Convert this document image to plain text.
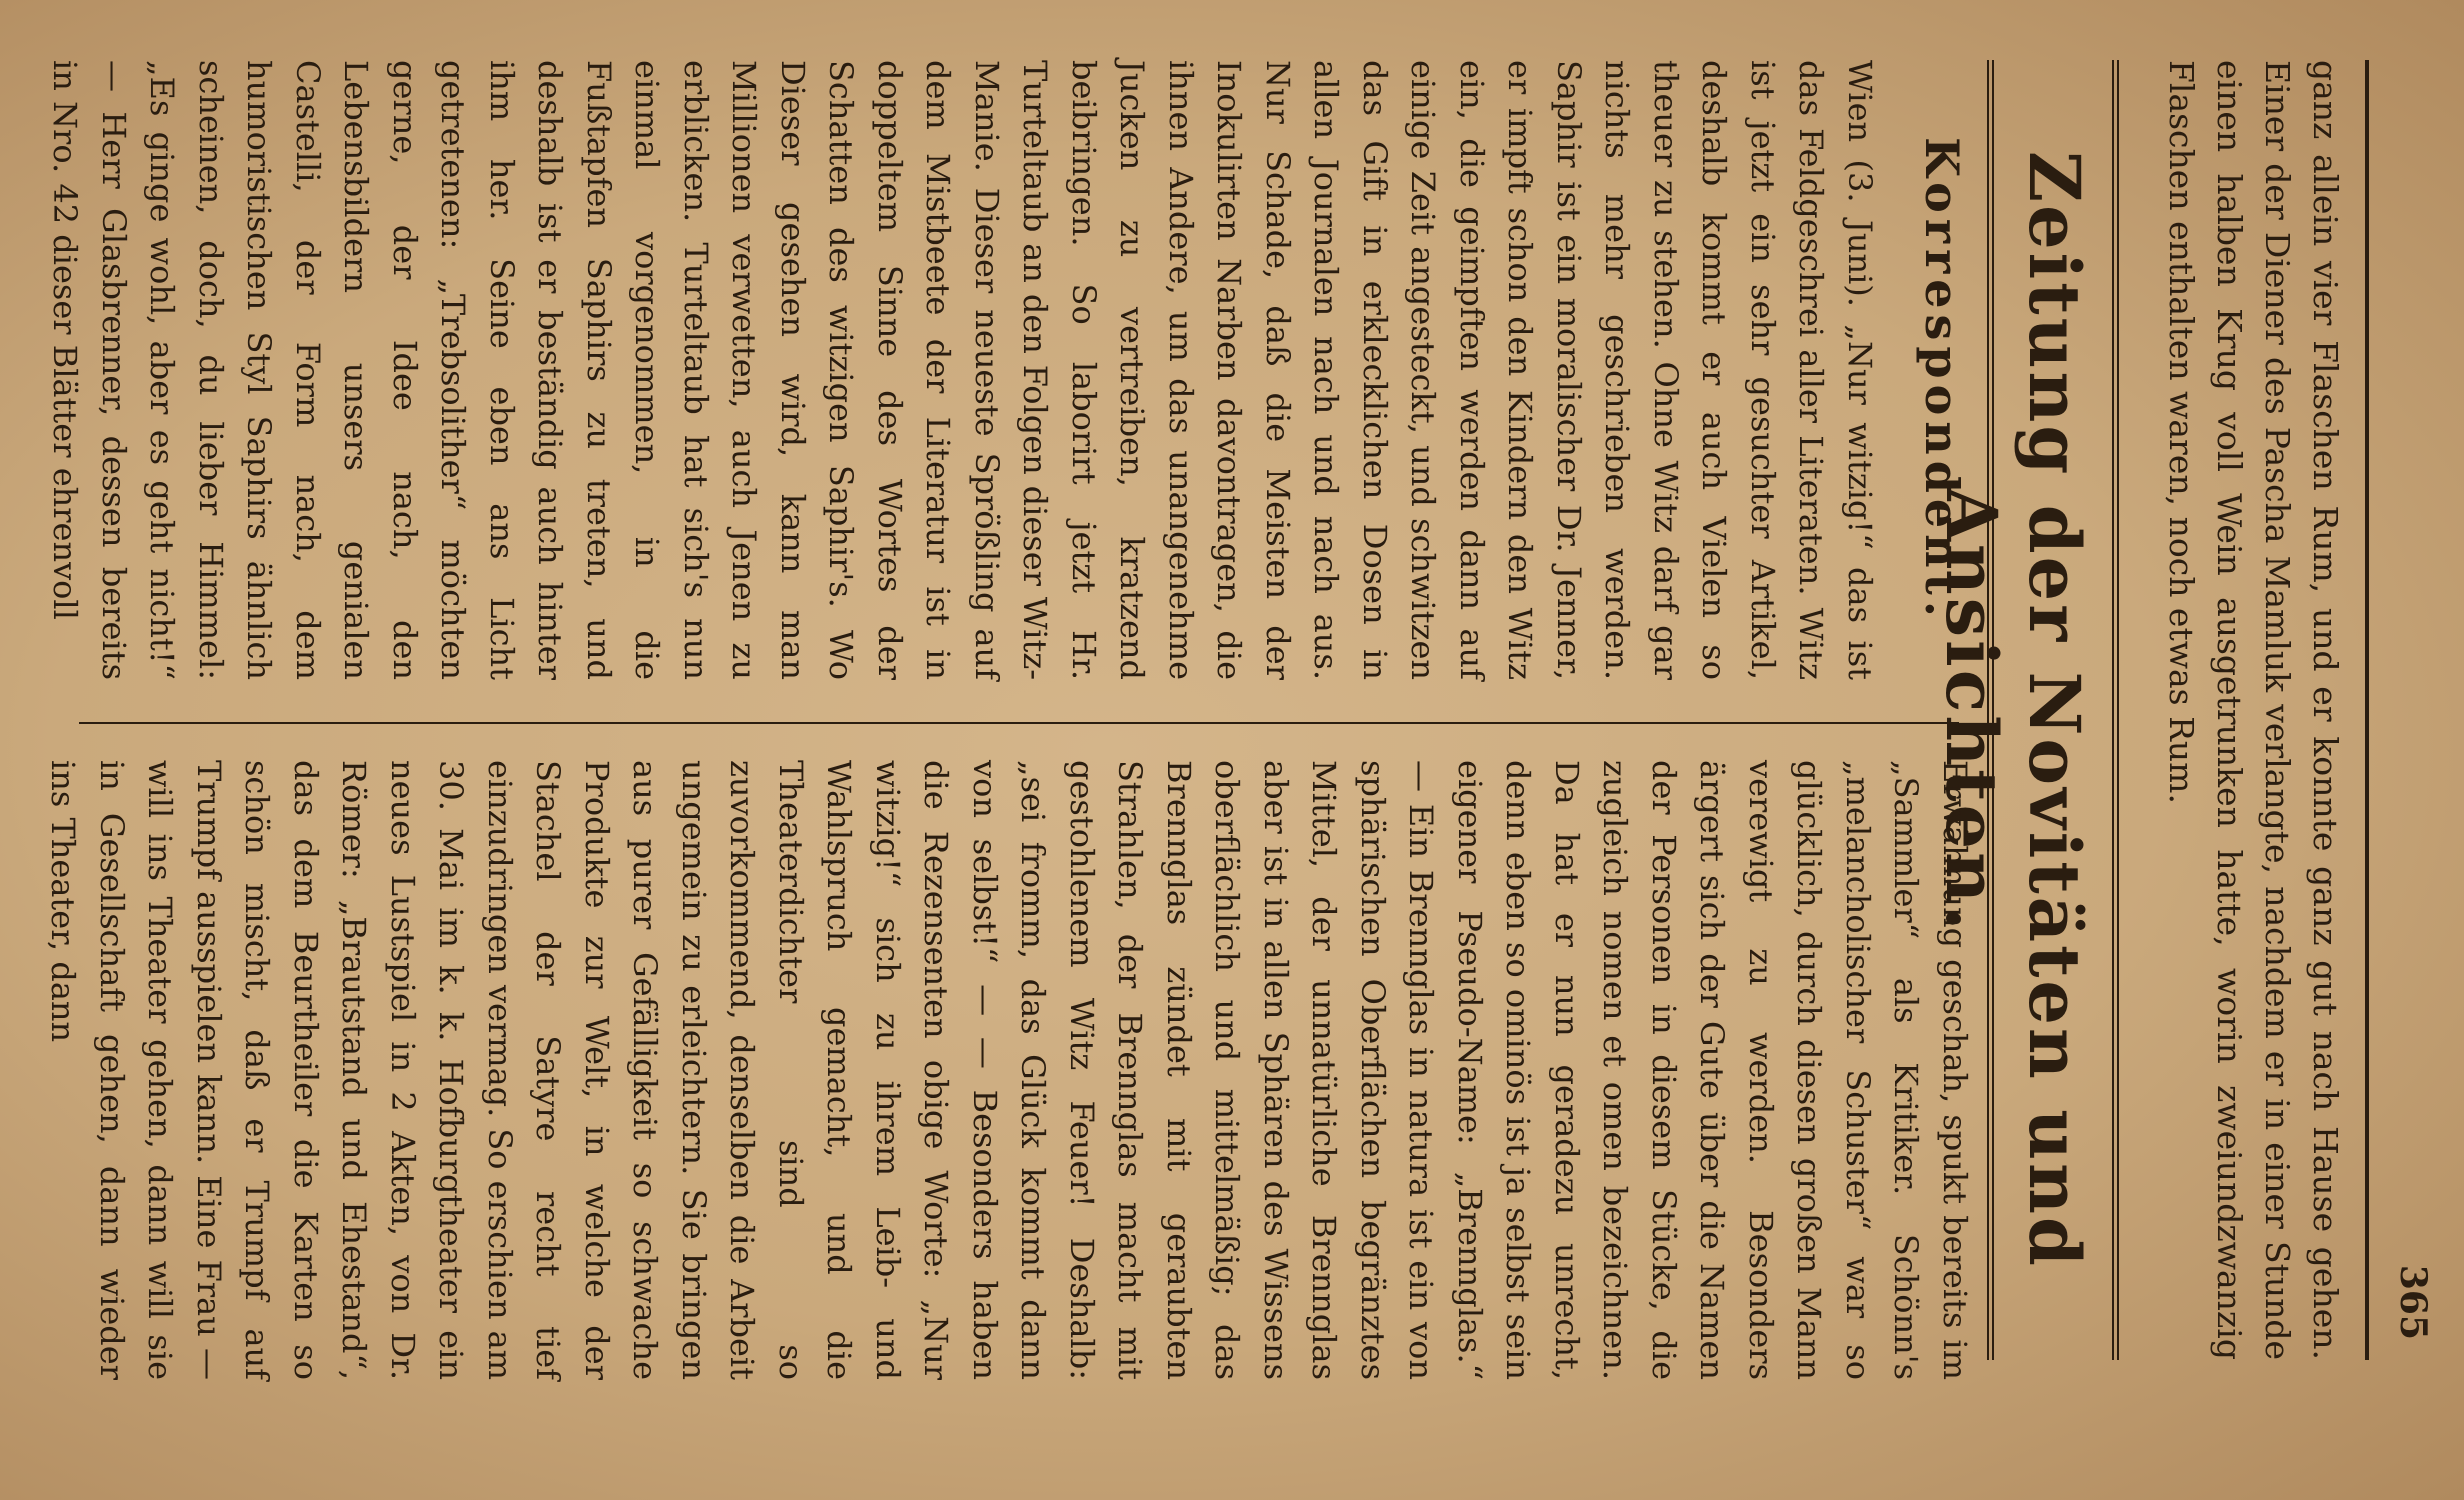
365

ganz allein vier Flaschen Rum, und er konnte ganz gut nach Hause gehen. Einer der Diener des Pascha Mamluk verlangte, nachdem er in einer Stunde einen halben Krug voll Wein ausgetrunken hatte, worin zweiundzwanzig Flaschen enthalten waren, noch etwas Rum.

Zeitung der Novitäten und Ansichten.
Korrespondent.

Wien (3. Juni). „Nur witzig!“ das ist das Feldgeschrei aller Literaten. Witz ist jetzt ein sehr gesuchter Artikel, deshalb kommt er auch Vielen so theuer zu stehen. Ohne Witz darf gar nichts mehr geschrieben werden. Saphir ist ein moralischer Dr. Jenner, er impft schon den Kindern den Witz ein, die geimpften werden dann auf einige Zeit angesteckt, und schwitzen das Gift in erklecklichen Dosen in allen Journalen nach und nach aus. Nur Schade, daß die Meisten der Inokulirten Narben davontragen, die ihnen Andere, um das unangenehme Jucken zu vertreiben, kratzend beibringen. So laborirt jetzt Hr. Turteltaub an den Folgen dieser Witz-Manie. Dieser neueste Sprößling auf dem Mistbeete der Literatur ist in doppeltem Sinne des Wortes der Schatten des witzigen Saphir's. Wo Dieser gesehen wird, kann man Millionen verwetten, auch Jenen zu erblicken. Turteltaub hat sich's nun einmal vorgenommen, in die Fußtapfen Saphirs zu treten, und deshalb ist er beständig auch hinter ihm her. Seine eben ans Licht getretenen: „Trebsolither“ möchten gerne, der Idee nach, den Lebensbildern unsers genialen Castelli, der Form nach, dem humoristischen Styl Saphirs ähnlich scheinen, doch, du lieber Himmel: „Es ginge wohl, aber es geht nicht!“ — Herr Glasbrenner, dessen bereits in Nro. 42 dieser Blätter ehrenvoll

Erwähnung geschah, spukt bereits im „Sammler“ als Kritiker. Schönn's „melancholischer Schuster“ war so glücklich, durch diesen großen Mann verewigt zu werden. Besonders ärgert sich der Gute über die Namen der Personen in diesem Stücke, die zugleich nomen et omen bezeichnen. Da hat er nun geradezu unrecht, denn eben so ominös ist ja selbst sein eigener Pseudo-Name: „Brennglas.“ — Ein Brennglas in natura ist ein von sphärischen Oberflächen begränztes Mittel, der unnatürliche Brennglas aber ist in allen Sphären des Wissens oberflächlich und mittelmäßig; das Brennglas zündet mit geraubten Strahlen, der Brennglas macht mit gestohlenem Witz Feuer! Deshalb: „sei fromm, das Glück kommt dann von selbst!“ — — Besonders haben die Rezensenten obige Worte: „Nur witzig!“ sich zu ihrem Leib- und Wahlspruch gemacht, und die Theaterdichter sind so zuvorkommend, denselben die Arbeit ungemein zu erleichtern. Sie bringen aus purer Gefälligkeit so schwache Produkte zur Welt, in welche der Stachel der Satyre recht tief einzudringen vermag. So erschien am 30. Mai im k. k. Hofburgtheater ein neues Lustspiel in 2 Akten, von Dr. Römer: „Brautstand und Ehestand“, das dem Beurtheiler die Karten so schön mischt, daß er Trumpf auf Trumpf ausspielen kann. Eine Frau — will ins Theater gehen, dann will sie in Gesellschaft gehen, dann wieder ins Theater, dann
